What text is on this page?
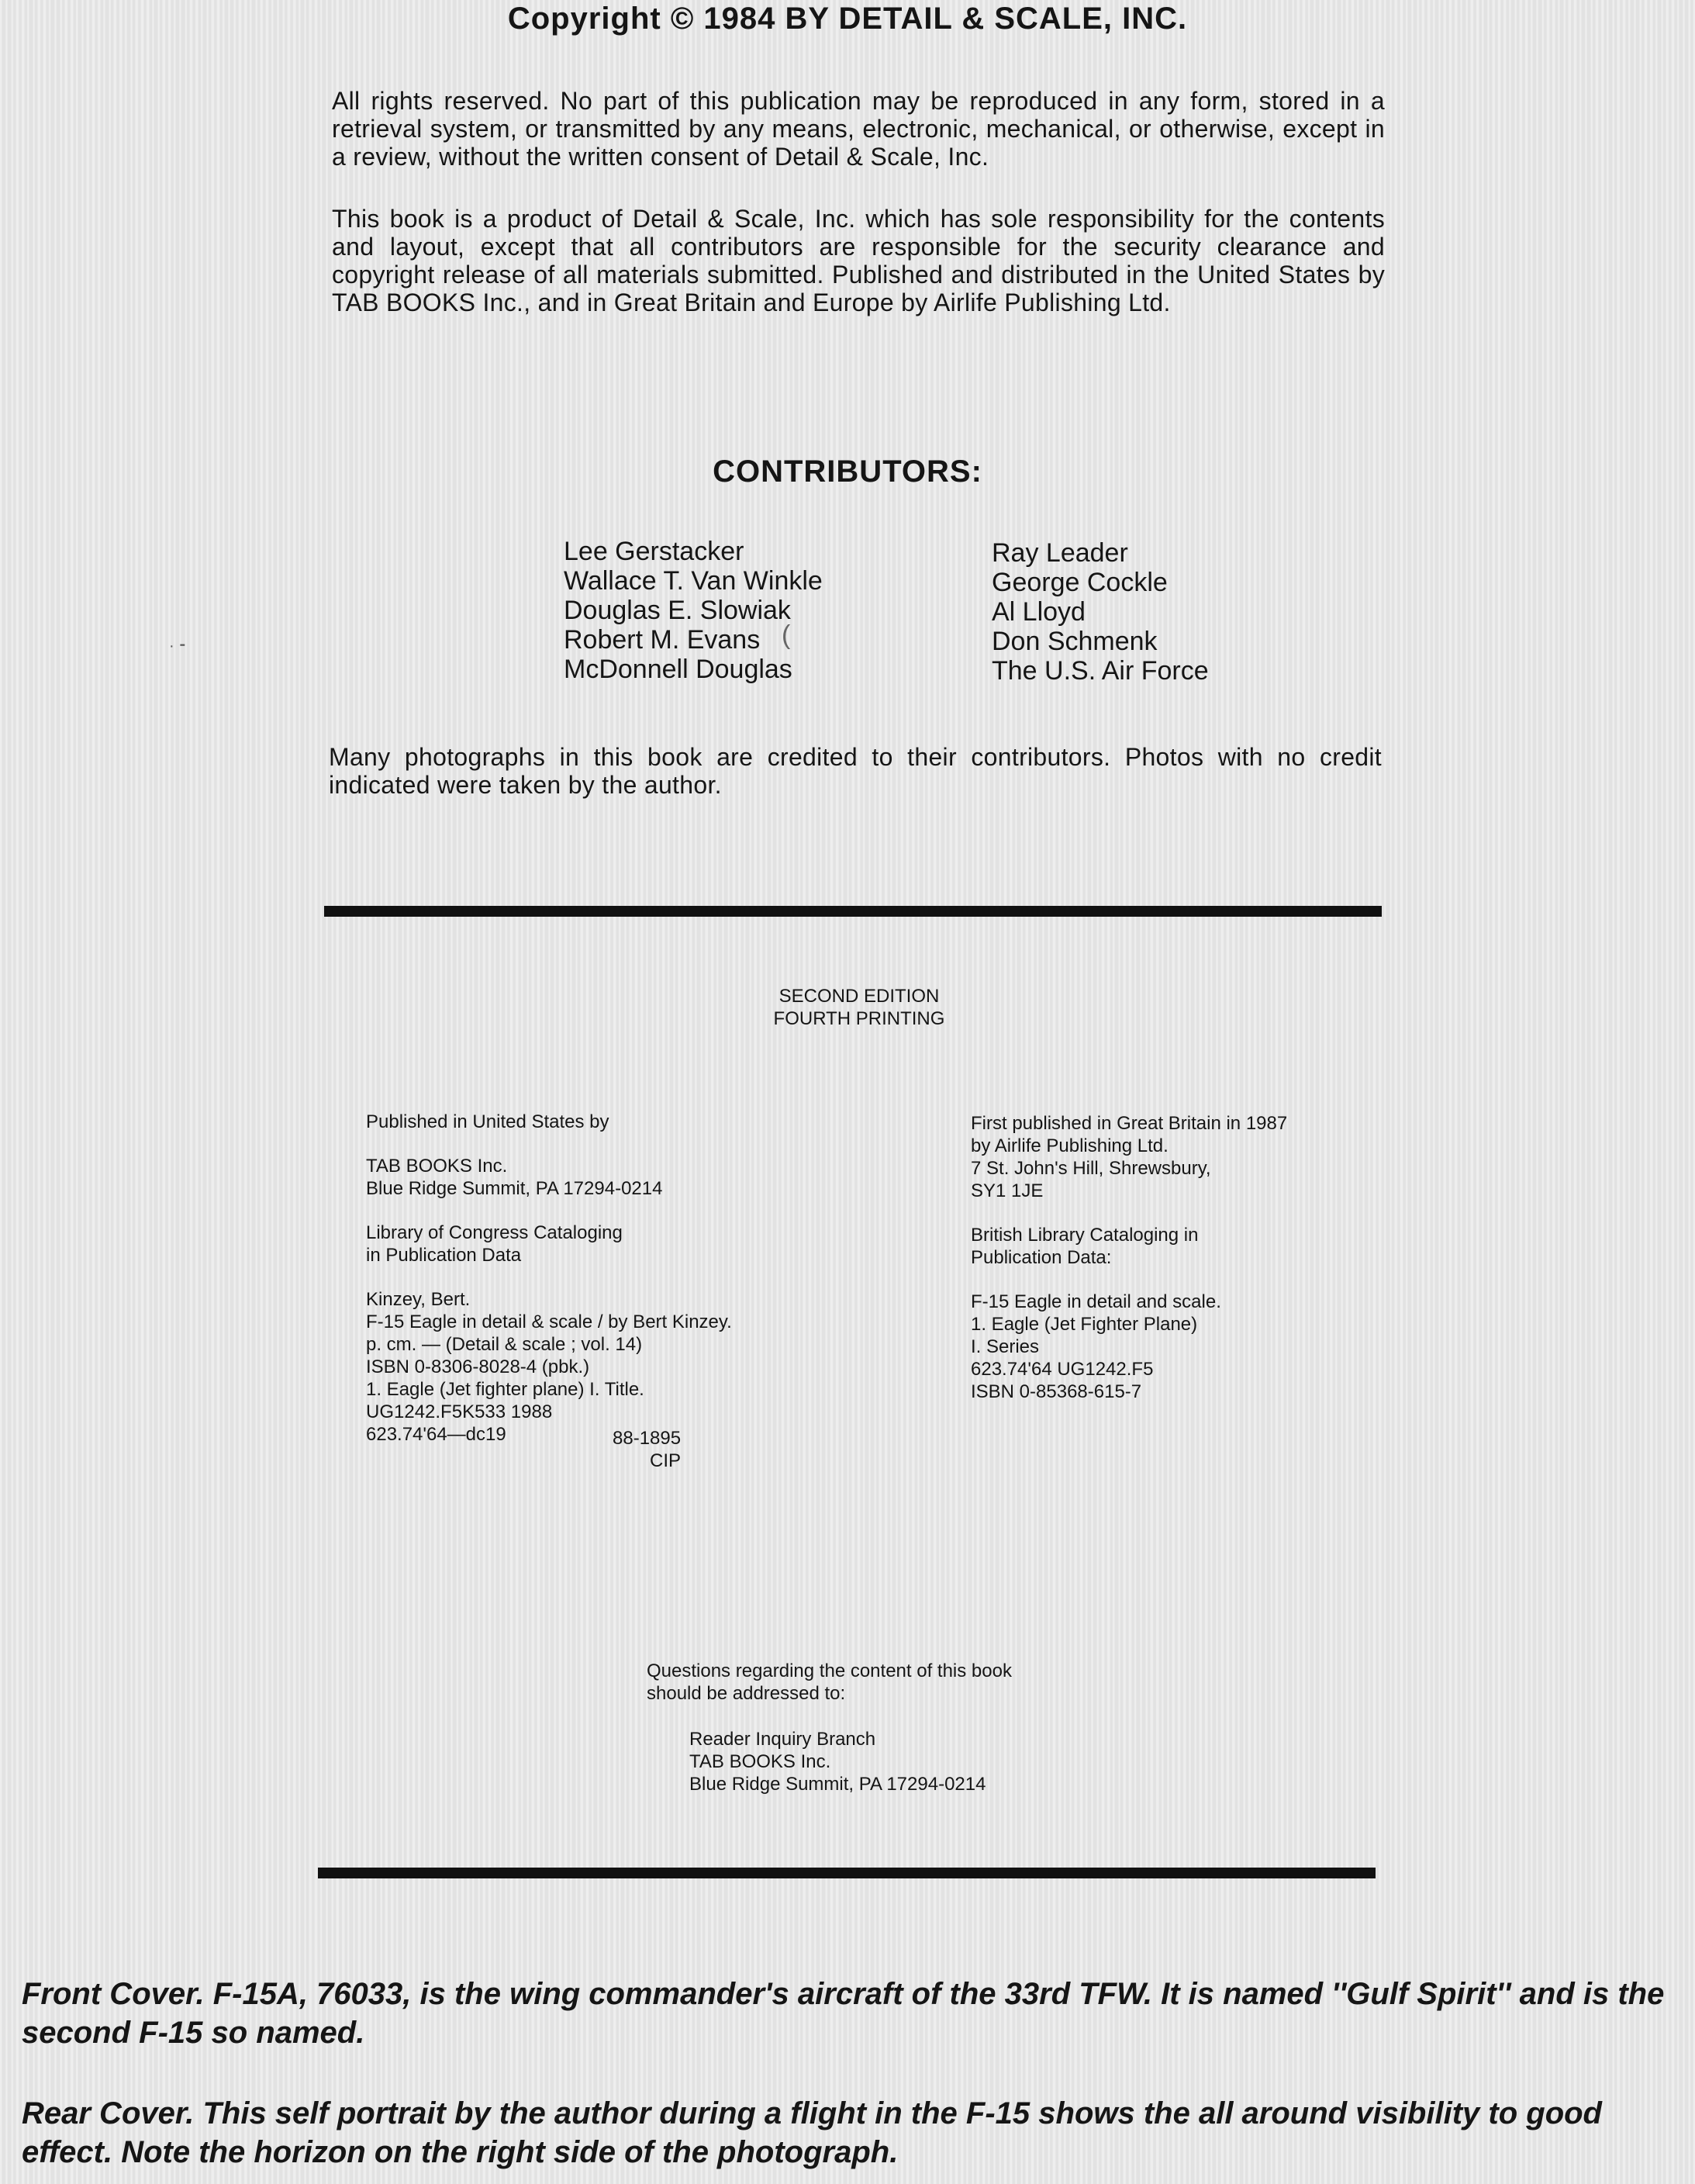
Copyright © 1984 BY DETAIL & SCALE, INC.
All rights reserved. No part of this publication may be reproduced in any form, stored in a retrieval system, or transmitted by any means, electronic, mechanical, or otherwise, except in a review, without the written consent of Detail & Scale, Inc.
This book is a product of Detail & Scale, Inc. which has sole responsibility for the contents and layout, except that all contributors are responsible for the security clearance and copyright release of all materials submitted. Published and distributed in the United States by TAB BOOKS Inc., and in Great Britain and Europe by Airlife Publishing Ltd.
CONTRIBUTORS:
Lee Gerstacker
Wallace T. Van Winkle
Douglas E. Slowiak
Robert M. Evans
McDonnell Douglas
Ray Leader
George Cockle
Al Lloyd
Don Schmenk
The U.S. Air Force
· ⁃	(
Many photographs in this book are credited to their contributors. Photos with no credit indicated were taken by the author.
SECOND EDITION
FOURTH PRINTING
Published in United States by
TAB BOOKS Inc.
Blue Ridge Summit, PA 17294-0214
Library of Congress Cataloging
in Publication Data
Kinzey, Bert.
F-15 Eagle in detail & scale / by Bert Kinzey.
p. cm. — (Detail & scale ; vol. 14)
ISBN 0-8306-8028-4 (pbk.)
1. Eagle (Jet fighter plane) I. Title.
UG1242.F5K533 1988
623.74'64—dc19	88-1895
CIP
First published in Great Britain in 1987
by Airlife Publishing Ltd.
7 St. John's Hill, Shrewsbury,
SY1 1JE
British Library Cataloging in
Publication Data:
F-15 Eagle in detail and scale.
1. Eagle (Jet Fighter Plane)
I. Series
623.74'64 UG1242.F5
ISBN 0-85368-615-7
Questions regarding the content of this book
should be addressed to:
Reader Inquiry Branch
TAB BOOKS Inc.
Blue Ridge Summit, PA 17294-0214
Front Cover. F-15A, 76033, is the wing commander's aircraft of the 33rd TFW. It is named ''Gulf Spirit'' and is the second F-15 so named.
Rear Cover. This self portrait by the author during a flight in the F-15 shows the all around visibility to good effect. Note the horizon on the right side of the photograph.
